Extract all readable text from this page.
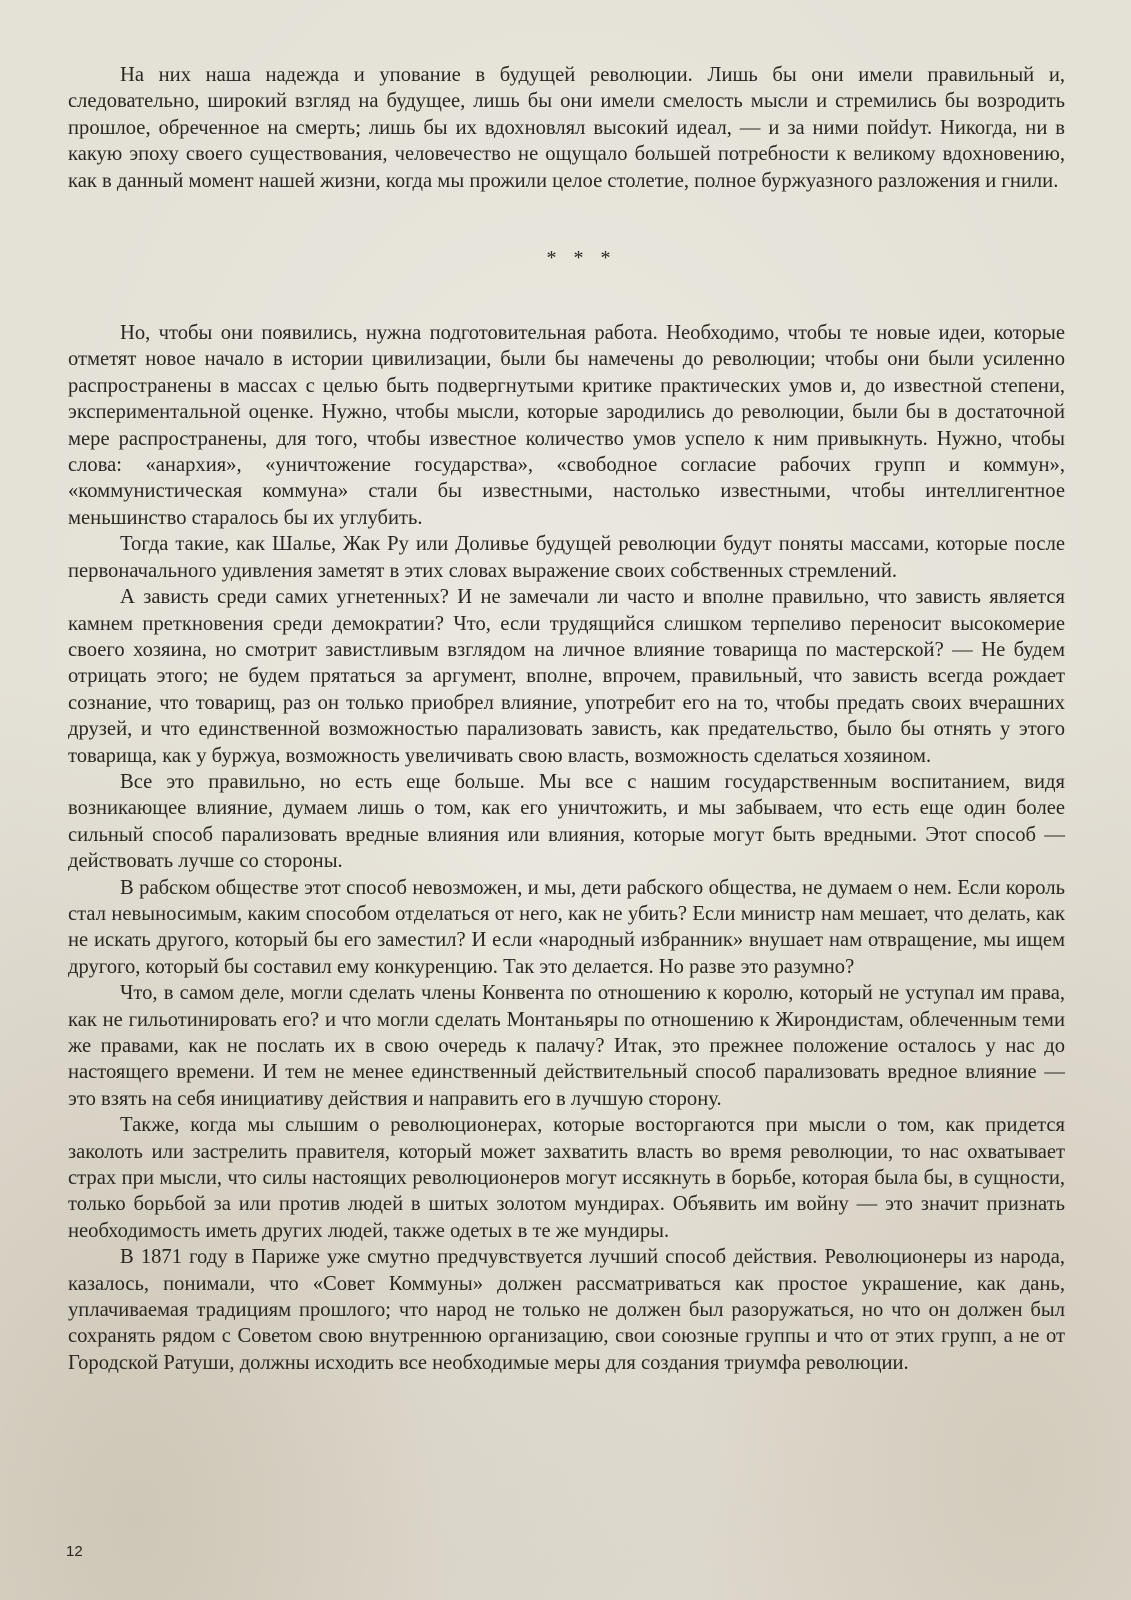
На них наша надежда и упование в будущей революции. Лишь бы они имели правильный и, следовательно, широкий взгляд на будущее, лишь бы они имели смелость мысли и стремились бы возродить прошлое, обреченное на смерть; лишь бы их вдохновлял высокий идеал, — и за ними пойdут. Никогда, ни в какую эпоху своего существования, человечество не ощущало большей потребности к великому вдохновению, как в данный момент нашей жизни, когда мы прожили целое столетие, полное буржуазного разложения и гнили.

* * *

Но, чтобы они появились, нужна подготовительная работа. Необходимо, чтобы те новые идеи, которые отметят новое начало в истории цивилизации, были бы намечены до революции; чтобы они были усиленно распространены в массах с целью быть подвергнутыми критике практических умов и, до известной степени, экспериментальной оценке. Нужно, чтобы мысли, которые зародились до революции, были бы в достаточной мере распространены, для того, чтобы известное количество умов успело к ним привыкнуть. Нужно, чтобы слова: «анархия», «уничтожение государства», «свободное согласие рабочих групп и коммун», «коммунистическая коммуна» стали бы известными, настолько известными, чтобы интеллигентное меньшинство старалось бы их углубить.

Тогда такие, как Шалье, Жак Ру или Доливье будущей революции будут поняты массами, которые после первоначального удивления заметят в этих словах выражение своих собственных стремлений.

А зависть среди самих угнетенных? И не замечали ли часто и вполне правильно, что зависть является камнем преткновения среди демократии? Что, если трудящийся слишком терпеливо переносит высокомерие своего хозяина, но смотрит завистливым взглядом на личное влияние товарища по мастерской? — Не будем отрицать этого; не будем прятаться за аргумент, вполне, впрочем, правильный, что зависть всегда рождает сознание, что товарищ, раз он только приобрел влияние, употребит его на то, чтобы предать своих вчерашних друзей, и что единственной возможностью парализовать зависть, как предательство, было бы отнять у этого товарища, как у буржуа, возможность увеличивать свою власть, возможность сделаться хозяином.

Все это правильно, но есть еще больше. Мы все с нашим государственным воспитанием, видя возникающее влияние, думаем лишь о том, как его уничтожить, и мы забываем, что есть еще один более сильный способ парализовать вредные влияния или влияния, которые могут быть вредными. Этот способ — действовать лучше со стороны.

В рабском обществе этот способ невозможен, и мы, дети рабского общества, не думаем о нем. Если король стал невыносимым, каким способом отделаться от него, как не убить? Если министр нам мешает, что делать, как не искать другого, который бы его заместил? И если «народный избранник» внушает нам отвращение, мы ищем другого, который бы составил ему конкуренцию. Так это делается. Но разве это разумно?

Что, в самом деле, могли сделать члены Конвента по отношению к королю, который не уступал им права, как не гильотинировать его? и что могли сделать Монтаньяры по отношению к Жирондистам, облеченным теми же правами, как не послать их в свою очередь к палачу? Итак, это прежнее положение осталось у нас до настоящего времени. И тем не менее единственный действительный способ парализовать вредное влияние — это взять на себя инициативу действия и направить его в лучшую сторону.

Также, когда мы слышим о революционерах, которые восторгаются при мысли о том, как придется заколоть или застрелить правителя, который может захватить власть во время революции, то нас охватывает страх при мысли, что силы настоящих революционеров могут иссякнуть в борьбе, которая была бы, в сущности, только борьбой за или против людей в шитых золотом мундирах. Объявить им войну — это значит признать необходимость иметь других людей, также одетых в те же мундиры.

В 1871 году в Париже уже смутно предчувствуется лучший способ действия. Революционеры из народа, казалось, понимали, что «Совет Коммуны» должен рассматриваться как простое украшение, как дань, уплачиваемая традициям прошлого; что народ не только не должен был разоружаться, но что он должен был сохранять рядом с Советом свою внутреннюю организацию, свои союзные группы и что от этих групп, а не от Городской Ратуши, должны исходить все необходимые меры для создания триумфа революции.

12
